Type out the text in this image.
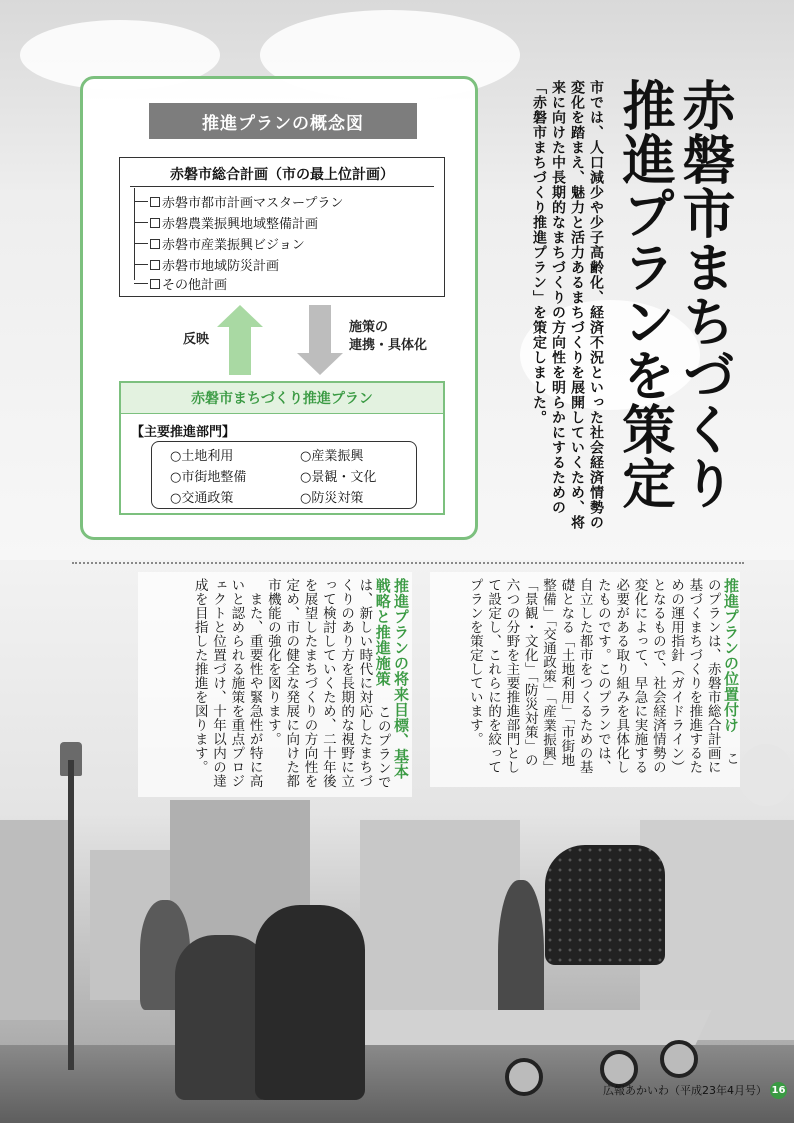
推進プランの概念図
赤磐市総合計画（市の最上位計画）
赤磐市都市計画マスタープラン
赤磐農業振興地域整備計画
赤磐市産業振興ビジョン
赤磐市地域防災計画
その他計画
反映
施策の
連携・具体化
赤磐市まちづくり推進プラン
【主要推進部門】
○土地利用	○産業振興
○市街地整備	○景観・文化
○交通政策	○防災対策	赤磐市まちづくり推進プランを策定
市では、人口減少や少子高齢化、経済不況といった社会経済情勢の変化を踏まえ、魅力と活力あるまちづくりを展開していくため、将来に向けた中長期的なまちづくりの方向性を明らかにするための「赤磐市まちづくり推進プラン」を策定しました。
推進プランの位置付け 　このプランは、赤磐市総合計画に基づくまちづくりを推進するための運用指針（ガイドライン）となるもので、社会経済情勢の変化によって、早急に実施する必要がある取り組みを具体化したものです。このプランでは、自立した都市をつくるための基礎となる「土地利用」「市街地整備」「交通政策」「産業振興」「景観・文化」「防災対策」の六つの分野を主要推進部門として設定し、これらに的を絞ってプランを策定しています。
推進プランの将来目標、基本戦略と推進施策 　このプランでは、新しい時代に対応したまちづくりのあり方を長期的な視野に立って検討していくため、二十年後を展望したまちづくりの方向性を定め、市の健全な発展に向けた都市機能の強化を図ります。
　また、重要性や緊急性が特に高いと認められる施策を重点プロジェクトと位置づけ、十年以内の達成を目指した推進を図ります。
広報あかいわ（平成23年4月号） 16
